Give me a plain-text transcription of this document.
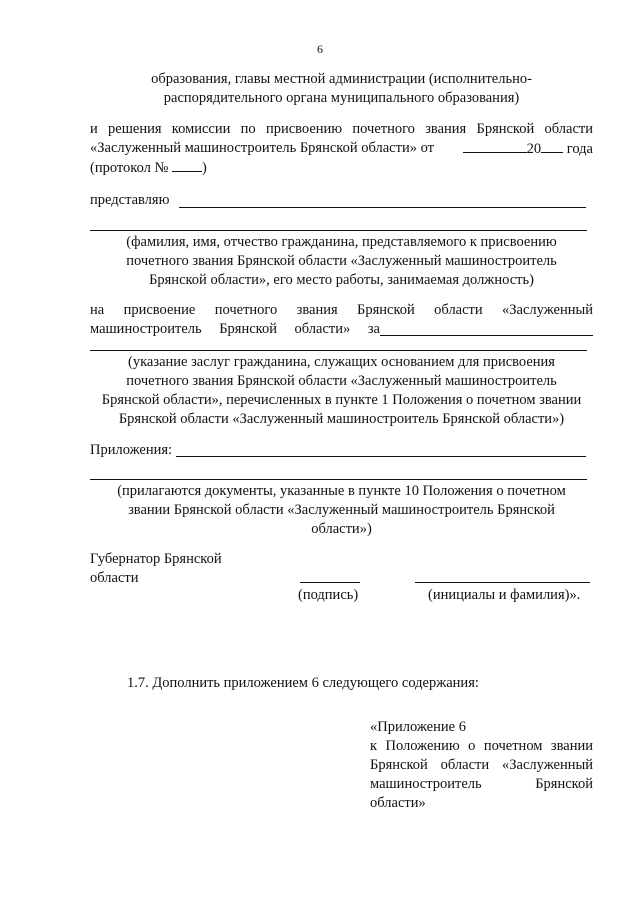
6
образования, главы местной администрации (исполнительно-
распорядительного органа муниципального образования)
и решения комиссии по присвоению почетного звания Брянской области
«Заслуженный машиностроитель Брянской области» от	20 года
(протокол № )
представляю
(фамилия, имя, отчество гражданина, представляемого к присвоению
почетного звания Брянской области «Заслуженный машиностроитель
Брянской области», его место работы, занимаемая должность)
на присвоение почетного звания Брянской области «Заслуженный
машиностроитель Брянской области» за
(указание заслуг гражданина, служащих основанием для присвоения
почетного звания Брянской области «Заслуженный машиностроитель
Брянской области», перечисленных в пункте 1 Положения о почетном звании
Брянской области «Заслуженный машиностроитель Брянской области»)
Приложения:
(прилагаются документы, указанные в пункте 10 Положения о почетном
звании Брянской области «Заслуженный машиностроитель Брянской
области»)
Губернатор Брянской
области
(подпись)	(инициалы и фамилия)».
1.7. Дополнить приложением 6 следующего содержания:
«Приложение 6
к Положению о почетном звании
Брянской области «Заслуженный
машиностроитель Брянской
области»
